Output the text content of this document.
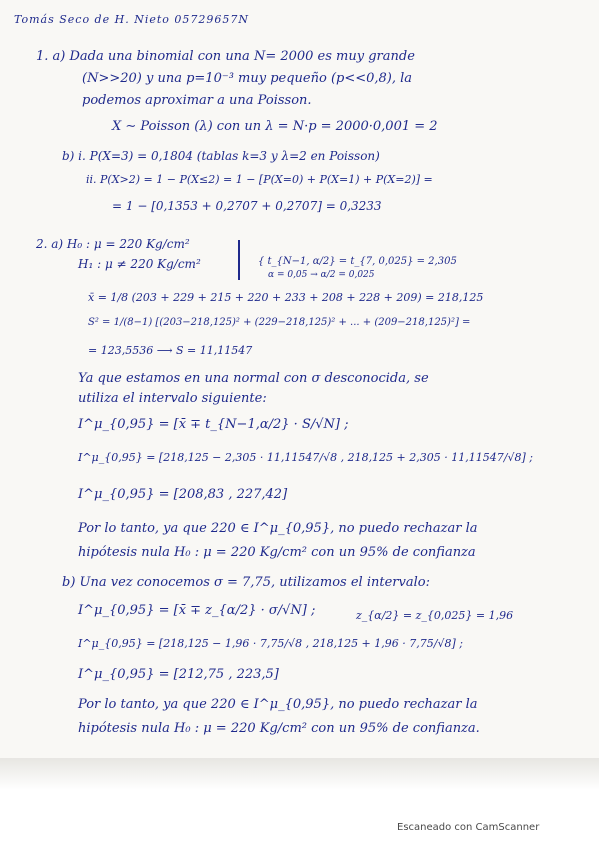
Tomás Seco de H. Nieto 05729657N
1. a) Dada una binomial con una N= 2000 es muy grande
(N>>20) y una p=10⁻³ muy pequeño (p<<0,8), la
podemos aproximar a una Poisson.
X ∼ Poisson (λ) con un λ = N·p = 2000·0,001 = 2
b) i. P(X=3) = 0,1804 (tablas k=3 y λ=2 en Poisson)
ii. P(X>2) = 1 − P(X≤2) = 1 − [P(X=0) + P(X=1) + P(X=2)] =
= 1 − [0,1353 + 0,2707 + 0,2707] = 0,3233
2. a) H₀ : μ = 220 Kg/cm²
H₁ : μ ≠ 220 Kg/cm²	{ t_{N−1, α/2} = t_{7, 0,025} = 2,305
α = 0,05 → α/2 = 0,025
x̄ = 1/8 (203 + 229 + 215 + 220 + 233 + 208 + 228 + 209) = 218,125
S² = 1/(8−1) [(203−218,125)² + (229−218,125)² + ... + (209−218,125)²] =
= 123,5536 ⟶ S = 11,11547
Ya que estamos en una normal con σ desconocida, se
utiliza el intervalo siguiente:
I^μ_{0,95} = [x̄ ∓ t_{N−1,α/2} · S/√N] ;
I^μ_{0,95} = [218,125 − 2,305 · 11,11547/√8 , 218,125 + 2,305 · 11,11547/√8] ;
I^μ_{0,95} = [208,83 , 227,42]
Por lo tanto, ya que 220 ∈ I^μ_{0,95}, no puedo rechazar la
hipótesis nula H₀ : μ = 220 Kg/cm² con un 95% de confianza
b) Una vez conocemos σ = 7,75, utilizamos el intervalo:
I^μ_{0,95} = [x̄ ∓ z_{α/2} · σ/√N] ;	z_{α/2} = z_{0,025} = 1,96
I^μ_{0,95} = [218,125 − 1,96 · 7,75/√8 , 218,125 + 1,96 · 7,75/√8] ;
I^μ_{0,95} = [212,75 , 223,5]
Por lo tanto, ya que 220 ∈ I^μ_{0,95}, no puedo rechazar la
hipótesis nula H₀ : μ = 220 Kg/cm² con un 95% de confianza.
Escaneado con CamScanner
